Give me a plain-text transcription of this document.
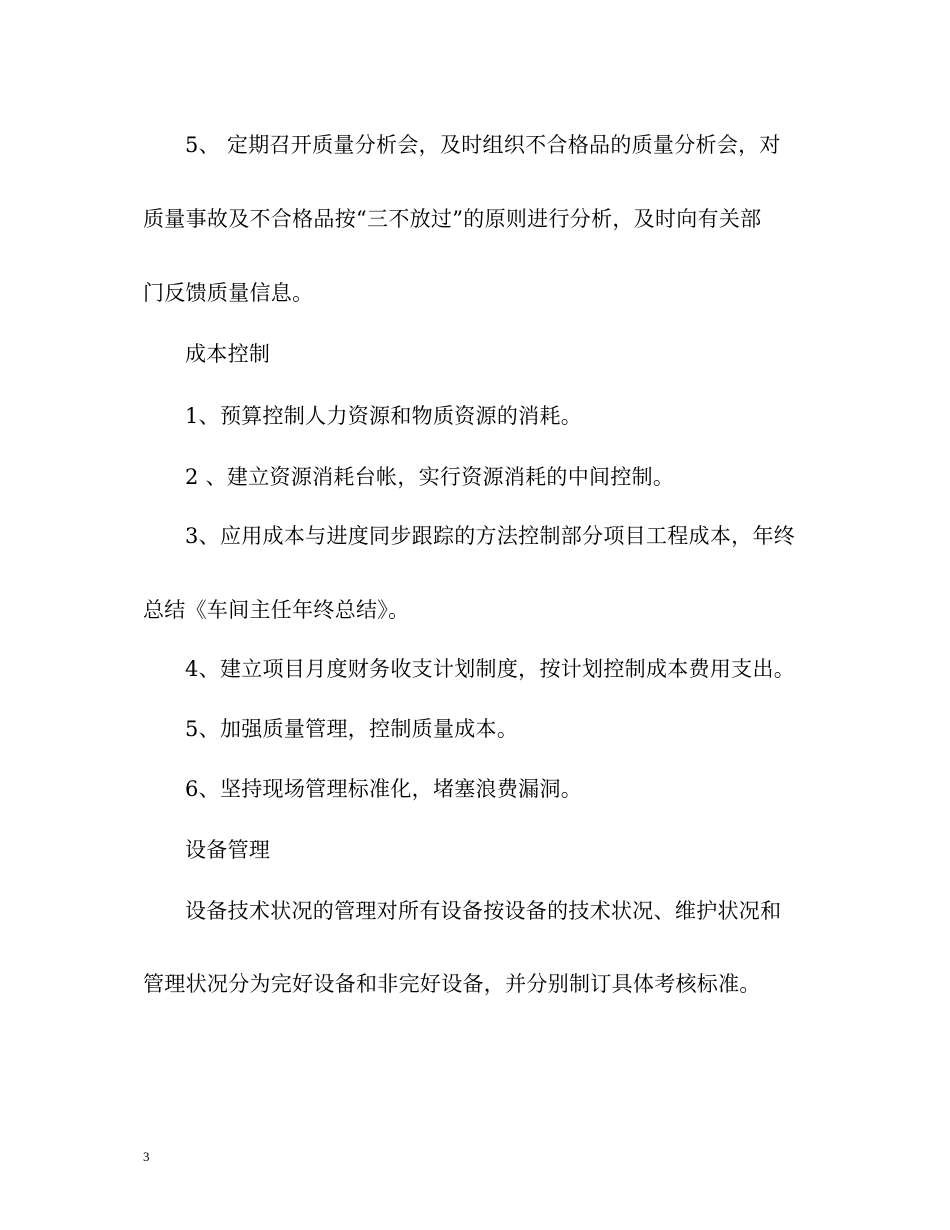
5、 定期召开质量分析会，及时组织不合格品的质量分析会，对
质量事故及不合格品按“三不放过”的原则进行分析，及时向有关部
门反馈质量信息。
成本控制
1、预算控制人力资源和物质资源的消耗。
2 、建立资源消耗台帐，实行资源消耗的中间控制。
3、应用成本与进度同步跟踪的方法控制部分项目工程成本，年终
总结《车间主任年终总结》。
4、建立项目月度财务收支计划制度，按计划控制成本费用支出。
5、加强质量管理，控制质量成本。
6、坚持现场管理标准化，堵塞浪费漏洞。
设备管理
设备技术状况的管理对所有设备按设备的技术状况、维护状况和
管理状况分为完好设备和非完好设备，并分别制订具体考核标准。
3
